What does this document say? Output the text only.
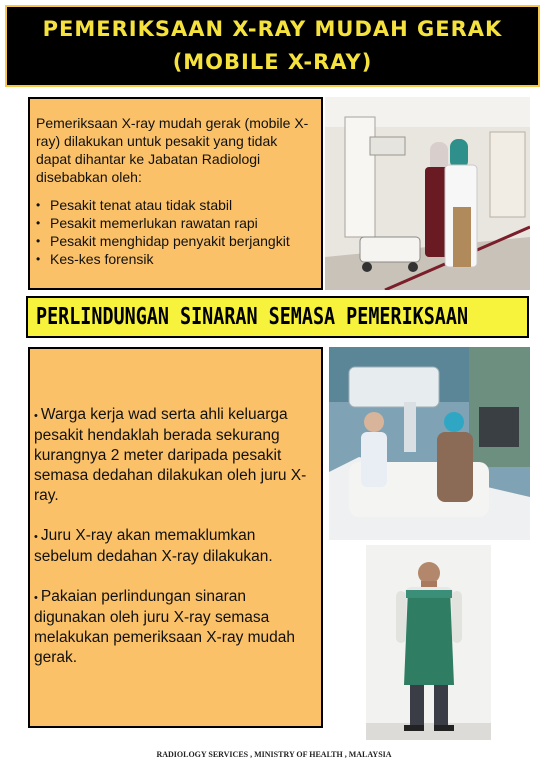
PEMERIKSAAN X-RAY MUDAH GERAK
(MOBILE X-RAY)

Pemeriksaan X-ray mudah gerak (mobile X-ray) dilakukan untuk pesakit yang tidak dapat dihantar ke Jabatan Radiologi disebabkan oleh:

• Pesakit tenat atau tidak stabil
• Pesakit memerlukan rawatan rapi
• Pesakit menghidap penyakit berjangkit
• Kes-kes forensik
PERLINDUNGAN SINARAN SEMASA PEMERIKSAAN

• Warga kerja wad serta ahli keluarga pesakit hendaklah berada sekurang kurangnya 2 meter daripada pesakit semasa dedahan dilakukan oleh juru X-ray.

• Juru X-ray akan memaklumkan sebelum dedahan X-ray dilakukan.

• Pakaian perlindungan sinaran digunakan oleh juru X-ray semasa melakukan pemeriksaan X-ray mudah gerak.

RADIOLOGY SERVICES , MINISTRY OF HEALTH , MALAYSIA
